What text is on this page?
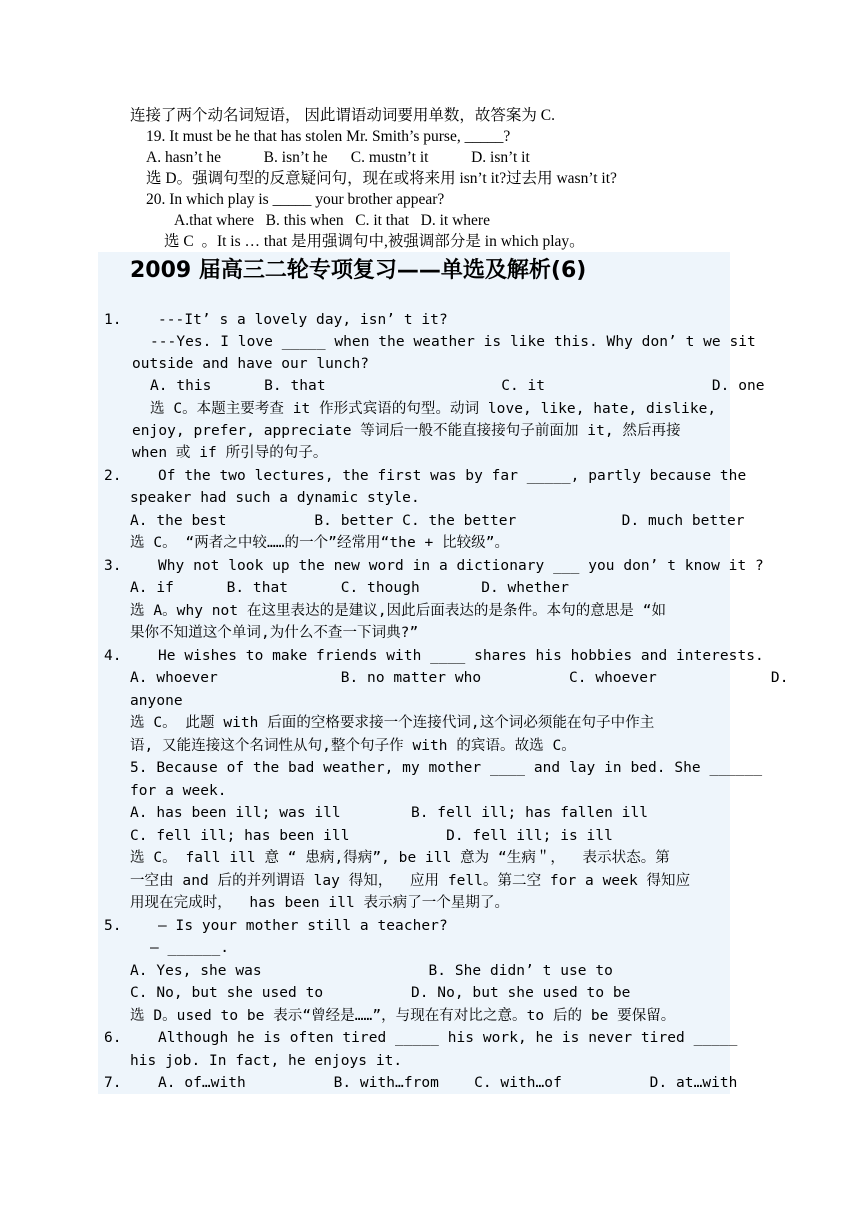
连接了两个动名词短语， 因此谓语动词要用单数，故答案为 C.
19. It must be he that has stolen Mr. Smith’s purse, _____?
A. hasn’t he           B. isn’t he      C. mustn’t it           D. isn’t it
选 D。强调句型的反意疑问句，现在或将来用 isn’t it?过去用 wasn’t it?
20. In which play is _____ your brother appear?
A.that where   B. this when   C. it that   D. it where
选 C  。It is … that 是用强调句中,被强调部分是 in which play。
2009 届高三二轮专项复习——单选及解析(6)
1.	---It’ s a lovely day, isn’ t it?
---Yes. I love _____ when the weather is like this. Why don’ t we sit
outside and have our lunch?
A. this      B. that                    C. it                   D. one
选 C。本题主要考查 it 作形式宾语的句型。动词 love, like, hate, dislike,
enjoy, prefer, appreciate 等词后一般不能直接接句子前面加 it, 然后再接
when 或 if 所引导的句子。
2.	Of the two lectures, the first was by far _____, partly because the
speaker had such a dynamic style.
A. the best          B. better C. the better            D. much better
选 C。 “两者之中较……的一个”经常用“the + 比较级”。
3.	Why not look up the new word in a dictionary ___ you don’ t know it ?
A. if      B. that      C. though       D. whether
选 A。why not 在这里表达的是建议,因此后面表达的是条件。本句的意思是 “如
果你不知道这个单词,为什么不查一下词典?”
4.	He wishes to make friends with ____ shares his hobbies and interests.
A. whoever              B. no matter who          C. whoever             D.
anyone
选 C。 此题 with 后面的空格要求接一个连接代词,这个词必须能在句子中作主
语, 又能连接这个名词性从句,整个句子作 with 的宾语。故选 C。
5. Because of the bad weather, my mother ____ and lay in bed. She ______
for a week.
A. has been ill; was ill        B. fell ill; has fallen ill
C. fell ill; has been ill           D. fell ill; is ill
选 C。 fall ill 意 “ 患病,得病”, be ill 意为 “生病＂，  表示状态。第
一空由 and 后的并列谓语 lay 得知，  应用 fell。第二空 for a week 得知应
用现在完成时，  has been ill 表示病了一个星期了。
5.	— Is your mother still a teacher?
— ______.
A. Yes, she was                   B. She didn’ t use to
C. No, but she used to          D. No, but she used to be
选 D。used to be 表示“曾经是……”，与现在有对比之意。to 后的 be 要保留。
6.	Although he is often tired _____ his work, he is never tired _____
his job. In fact, he enjoys it.
7.	A. of…with          B. with…from    C. with…of          D. at…with
